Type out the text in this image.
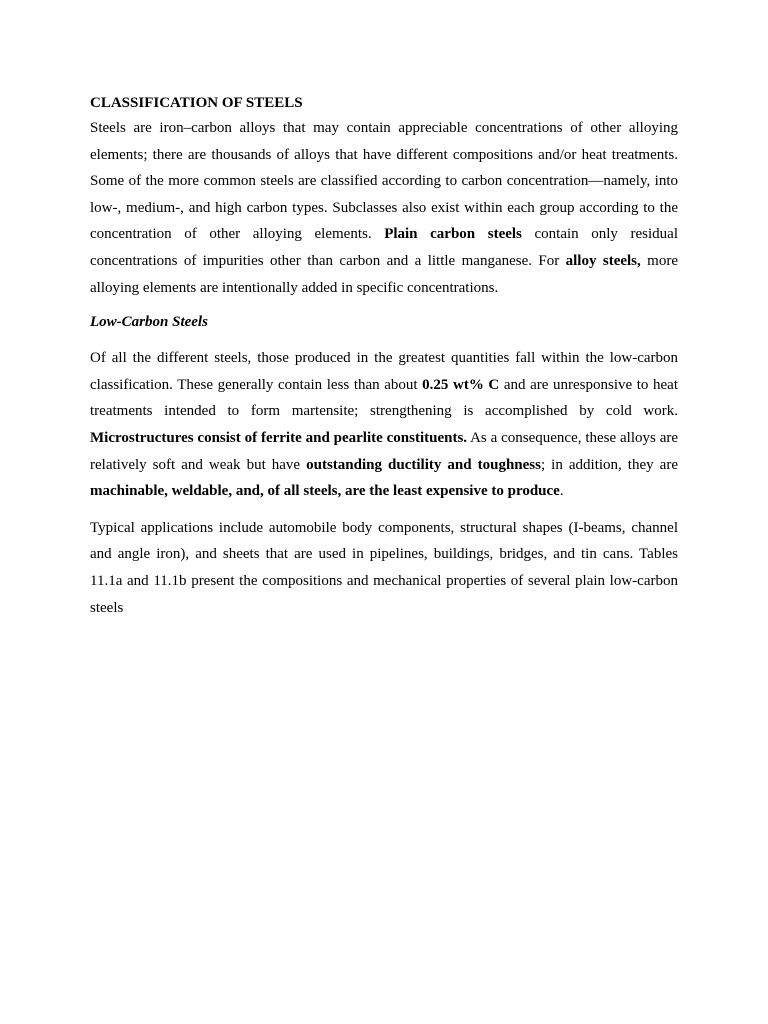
CLASSIFICATION OF STEELS

Steels are iron–carbon alloys that may contain appreciable concentrations of other alloying elements; there are thousands of alloys that have different compositions and/or heat treatments. Some of the more common steels are classified according to carbon concentration—namely, into low-, medium-, and high carbon types. Subclasses also exist within each group according to the concentration of other alloying elements. Plain carbon steels contain only residual concentrations of impurities other than carbon and a little manganese. For alloy steels, more alloying elements are intentionally added in specific concentrations.

Low-Carbon Steels

Of all the different steels, those produced in the greatest quantities fall within the low-carbon classification. These generally contain less than about 0.25 wt% C and are unresponsive to heat treatments intended to form martensite; strengthening is accomplished by cold work. Microstructures consist of ferrite and pearlite constituents. As a consequence, these alloys are relatively soft and weak but have outstanding ductility and toughness; in addition, they are machinable, weldable, and, of all steels, are the least expensive to produce.

Typical applications include automobile body components, structural shapes (I-beams, channel and angle iron), and sheets that are used in pipelines, buildings, bridges, and tin cans. Tables 11.1a and 11.1b present the compositions and mechanical properties of several plain low-carbon steels
